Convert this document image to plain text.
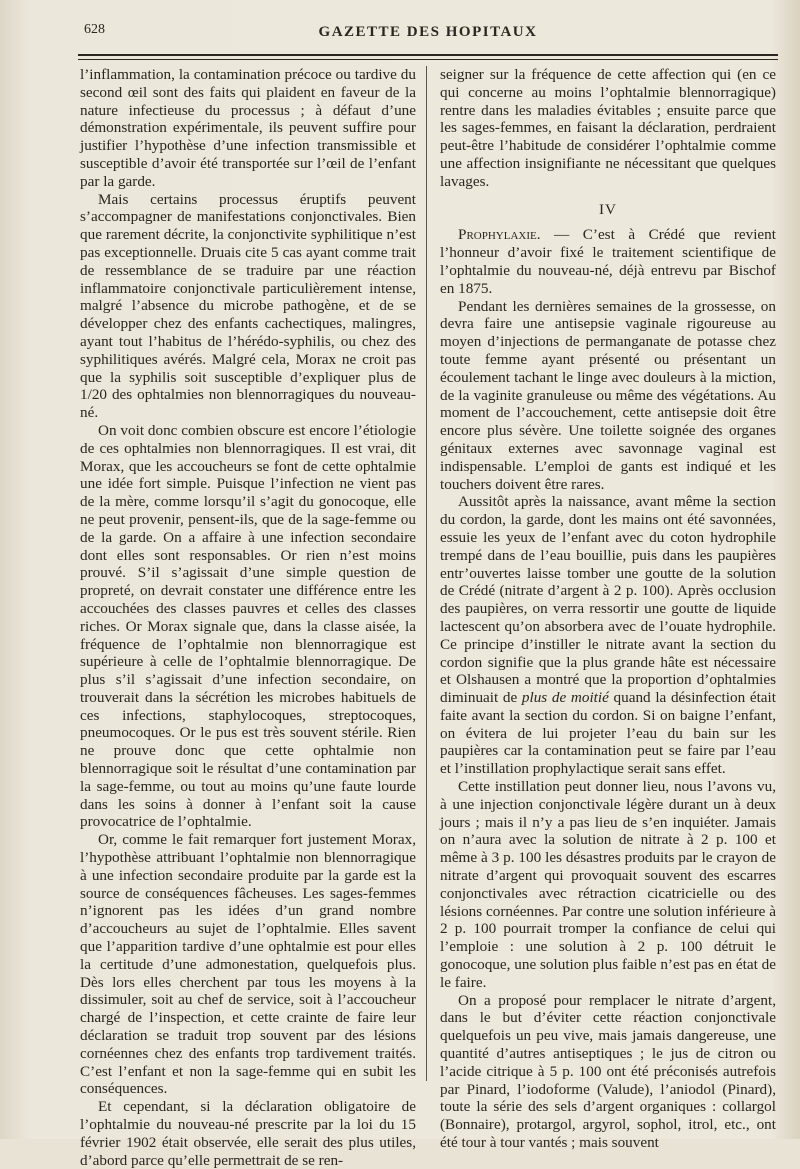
628	GAZETTE DES HOPITAUX

l’inflammation, la contamination précoce ou tardive du second œil sont des faits qui plaident en faveur de la nature infectieuse du processus ; à défaut d’une démonstration expérimentale, ils peuvent suffire pour justifier l’hypothèse d’une infection transmissible et susceptible d’avoir été transportée sur l’œil de l’enfant par la garde.

Mais certains processus éruptifs peuvent s’accompagner de manifestations conjonctivales. Bien que rarement décrite, la conjonctivite syphilitique n’est pas exceptionnelle. Druais cite 5 cas ayant comme trait de ressemblance de se traduire par une réaction inflammatoire conjonctivale particulièrement intense, malgré l’absence du microbe pathogène, et de se développer chez des enfants cachectiques, malingres, ayant tout l’habitus de l’hérédo-syphilis, ou chez des syphilitiques avérés. Malgré cela, Morax ne croit pas que la syphilis soit susceptible d’expliquer plus de 1/20 des ophtalmies non blennorragiques du nouveau-né.

On voit donc combien obscure est encore l’étiologie de ces ophtalmies non blennorragiques. Il est vrai, dit Morax, que les accoucheurs se font de cette ophtalmie une idée fort simple. Puisque l’infection ne vient pas de la mère, comme lorsqu’il s’agit du gonocoque, elle ne peut provenir, pensent-ils, que de la sage-femme ou de la garde. On a affaire à une infection secondaire dont elles sont responsables. Or rien n’est moins prouvé. S’il s’agissait d’une simple question de propreté, on devrait constater une différence entre les accouchées des classes pauvres et celles des classes riches. Or Morax signale que, dans la classe aisée, la fréquence de l’ophtalmie non blennorragique est supérieure à celle de l’ophtalmie blennorragique. De plus s’il s’agissait d’une infection secondaire, on trouverait dans la sécrétion les microbes habituels de ces infections, staphylocoques, streptocoques, pneumocoques. Or le pus est très souvent stérile. Rien ne prouve donc que cette ophtalmie non blennorragique soit le résultat d’une contamination par la sage-femme, ou tout au moins qu’une faute lourde dans les soins à donner à l’enfant soit la cause provocatrice de l’ophtalmie.

Or, comme le fait remarquer fort justement Morax, l’hypothèse attribuant l’ophtalmie non blennorragique à une infection secondaire produite par la garde est la source de conséquences fâcheuses. Les sages-femmes n’ignorent pas les idées d’un grand nombre d’accoucheurs au sujet de l’ophtalmie. Elles savent que l’apparition tardive d’une ophtalmie est pour elles la certitude d’une admonestation, quelquefois plus. Dès lors elles cherchent par tous les moyens à la dissimuler, soit au chef de service, soit à l’accoucheur chargé de l’inspection, et cette crainte de faire leur déclaration se traduit trop souvent par des lésions cornéennes chez des enfants trop tardivement traités. C’est l’enfant et non la sage-femme qui en subit les conséquences.

Et cependant, si la déclaration obligatoire de l’ophtalmie du nouveau-né prescrite par la loi du 15 février 1902 était observée, elle serait des plus utiles, d’abord parce qu’elle permettrait de se ren-

seigner sur la fréquence de cette affection qui (en ce qui concerne au moins l’ophtalmie blennorragique) rentre dans les maladies évitables ; ensuite parce que les sages-femmes, en faisant la déclaration, perdraient peut-être l’habitude de considérer l’ophtalmie comme une affection insignifiante ne nécessitant que quelques lavages.

IV

Prophylaxie. — C’est à Crédé que revient l’honneur d’avoir fixé le traitement scientifique de l’ophtalmie du nouveau-né, déjà entrevu par Bischof en 1875.

Pendant les dernières semaines de la grossesse, on devra faire une antisepsie vaginale rigoureuse au moyen d’injections de permanganate de potasse chez toute femme ayant présenté ou présentant un écoulement tachant le linge avec douleurs à la miction, de la vaginite granuleuse ou même des végétations. Au moment de l’accouchement, cette antisepsie doit être encore plus sévère. Une toilette soignée des organes génitaux externes avec savonnage vaginal est indispensable. L’emploi de gants est indiqué et les touchers doivent être rares.

Aussitôt après la naissance, avant même la section du cordon, la garde, dont les mains ont été savonnées, essuie les yeux de l’enfant avec du coton hydrophile trempé dans de l’eau bouillie, puis dans les paupières entr’ouvertes laisse tomber une goutte de la solution de Crédé (nitrate d’argent à 2 p. 100). Après occlusion des paupières, on verra ressortir une goutte de liquide lactescent qu’on absorbera avec de l’ouate hydrophile. Ce principe d’instiller le nitrate avant la section du cordon signifie que la plus grande hâte est nécessaire et Olshausen a montré que la proportion d’ophtalmies diminuait de plus de moitié quand la désinfection était faite avant la section du cordon. Si on baigne l’enfant, on évitera de lui projeter l’eau du bain sur les paupières car la contamination peut se faire par l’eau et l’instillation prophylactique serait sans effet.

Cette instillation peut donner lieu, nous l’avons vu, à une injection conjonctivale légère durant un à deux jours ; mais il n’y a pas lieu de s’en inquiéter. Jamais on n’aura avec la solution de nitrate à 2 p. 100 et même à 3 p. 100 les désastres produits par le crayon de nitrate d’argent qui provoquait souvent des escarres conjonctivales avec rétraction cicatricielle ou des lésions cornéennes. Par contre une solution inférieure à 2 p. 100 pourrait tromper la confiance de celui qui l’emploie : une solution à 2 p. 100 détruit le gonocoque, une solution plus faible n’est pas en état de le faire.

On a proposé pour remplacer le nitrate d’argent, dans le but d’éviter cette réaction conjonctivale quelquefois un peu vive, mais jamais dangereuse, une quantité d’autres antiseptiques ; le jus de citron ou l’acide citrique à 5 p. 100 ont été préconisés autrefois par Pinard, l’iodoforme (Valude), l’aniodol (Pinard), toute la série des sels d’argent organiques : collargol (Bonnaire), protargol, argyrol, sophol, itrol, etc., ont été tour à tour vantés ; mais souvent
